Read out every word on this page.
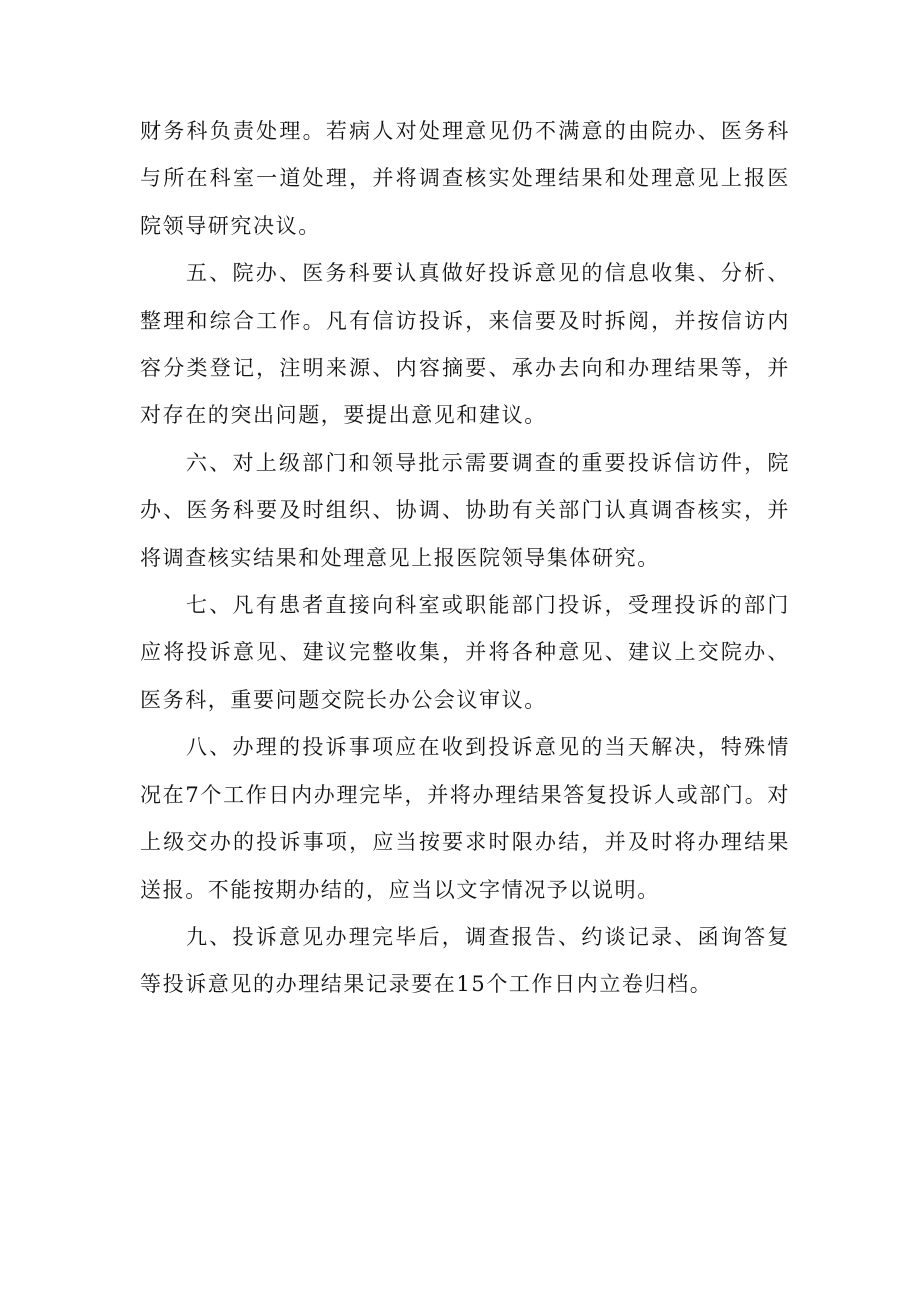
财务科负责处理。若病人对处理意见仍不满意的由院办、医务科与所在科室一道处理，并将调查核实处理结果和处理意见上报医院领导研究决议。

五、院办、医务科要认真做好投诉意见的信息收集、分析、整理和综合工作。凡有信访投诉，来信要及时拆阅，并按信访内容分类登记，注明来源、内容摘要、承办去向和办理结果等，并对存在的突出问题，要提出意见和建议。

六、对上级部门和领导批示需要调查的重要投诉信访件，院办、医务科要及时组织、协调、协助有关部门认真调杳核实，并将调查核实结果和处理意见上报医院领导集体研究。

七、凡有患者直接向科室或职能部门投诉，受理投诉的部门应将投诉意见、建议完整收集，并将各种意见、建议上交院办、医务科，重要问题交院长办公会议审议。

八、办理的投诉事项应在收到投诉意见的当天解决，特殊情况在7个工作日内办理完毕，并将办理结果答复投诉人或部门。对上级交办的投诉事项，应当按要求时限办结，并及时将办理结果送报。不能按期办结的，应当以文字情况予以说明。

九、投诉意见办理完毕后，调查报告、约谈记录、函询答复等投诉意见的办理结果记录要在15个工作日内立卷归档。
